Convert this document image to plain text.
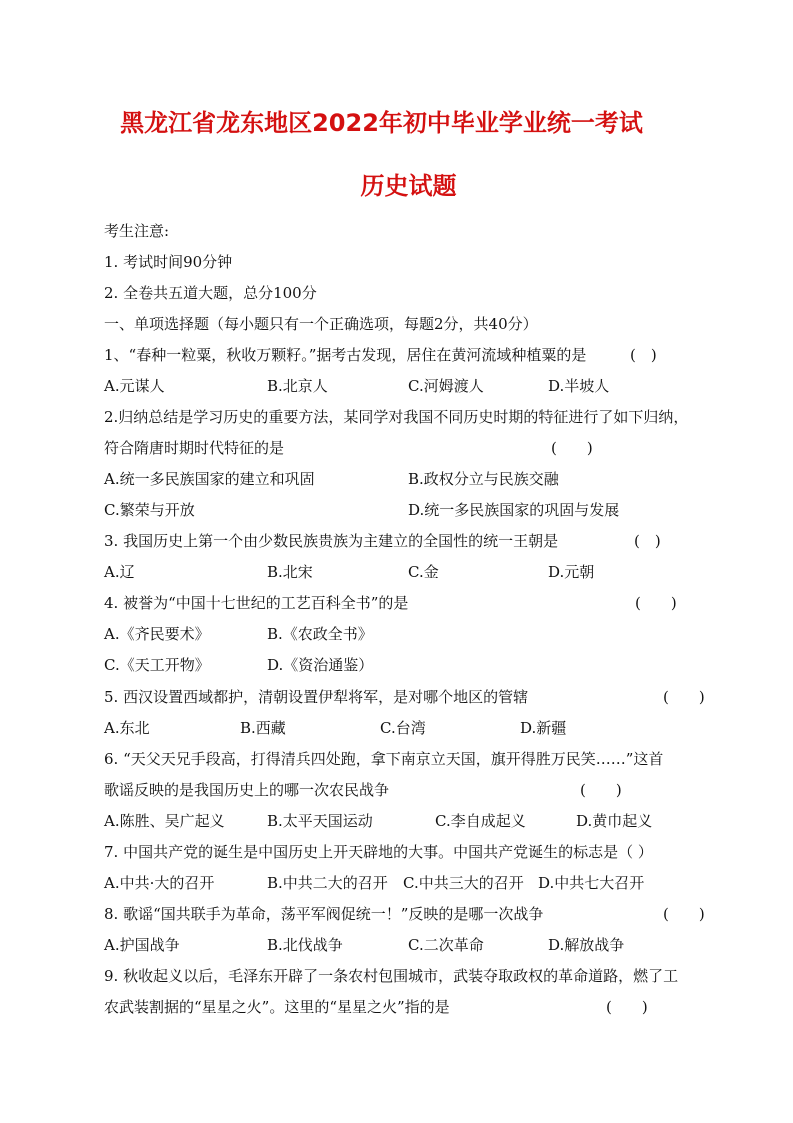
黑龙江省龙东地区2022年初中毕业学业统一考试
历史试题
考生注意:
1. 考试时间90分钟
2. 全卷共五道大题，总分100分
一、单项选择题（每小题只有一个正确选项，每题2分，共40分）
1、“春种一粒粟，秋收万颗籽。”据考古发现，居住在黄河流域种植粟的是	(　)
A.元谋人	B.北京人	C.河姆渡人	D.半坡人
2.归纳总结是学习历史的重要方法，某同学对我国不同历史时期的特征进行了如下归纳，
符合隋唐时期时代特征的是	(　　)
A.统一多民族国家的建立和巩固	B.政权分立与民族交融
C.繁荣与开放	D.统一多民族国家的巩固与发展
3. 我国历史上第一个由少数民族贵族为主建立的全国性的统一王朝是	(　)
A.辽	B.北宋	C.金	D.元朝
4. 被誉为“中国十七世纪的工艺百科全书”的是	(　　)
A.《齐民要术》	B.《农政全书》
C.《天工开物》	D.《资治通鉴）
5. 西汉设置西域都护，清朝设置伊犁将军，是对哪个地区的管辖	(　　)
A.东北	B.西藏	C.台湾	D.新疆
6. “天父天兄手段高，打得清兵四处跑，拿下南京立天国，旗开得胜万民笑……”这首
歌谣反映的是我国历史上的哪一次农民战争	(　　)
A.陈胜、吴广起义	B.太平天国运动	C.李自成起义	D.黄巾起义
7. 中国共产党的诞生是中国历史上开天辟地的大事。中国共产党诞生的标志是（ ）
A.中共·大的召开	B.中共二大的召开 C.中共三大的召开 D.中共七大召开
8. 歌谣“国共联手为革命，荡平军阀促统一！”反映的是哪一次战争	(　　)
A.护国战争	B.北伐战争	C.二次革命	D.解放战争
9. 秋收起义以后，毛泽东开辟了一条农村包围城市，武装夺取政权的革命道路，燃了工
农武装割据的“星星之火”。这里的“星星之火”指的是	(　　)
